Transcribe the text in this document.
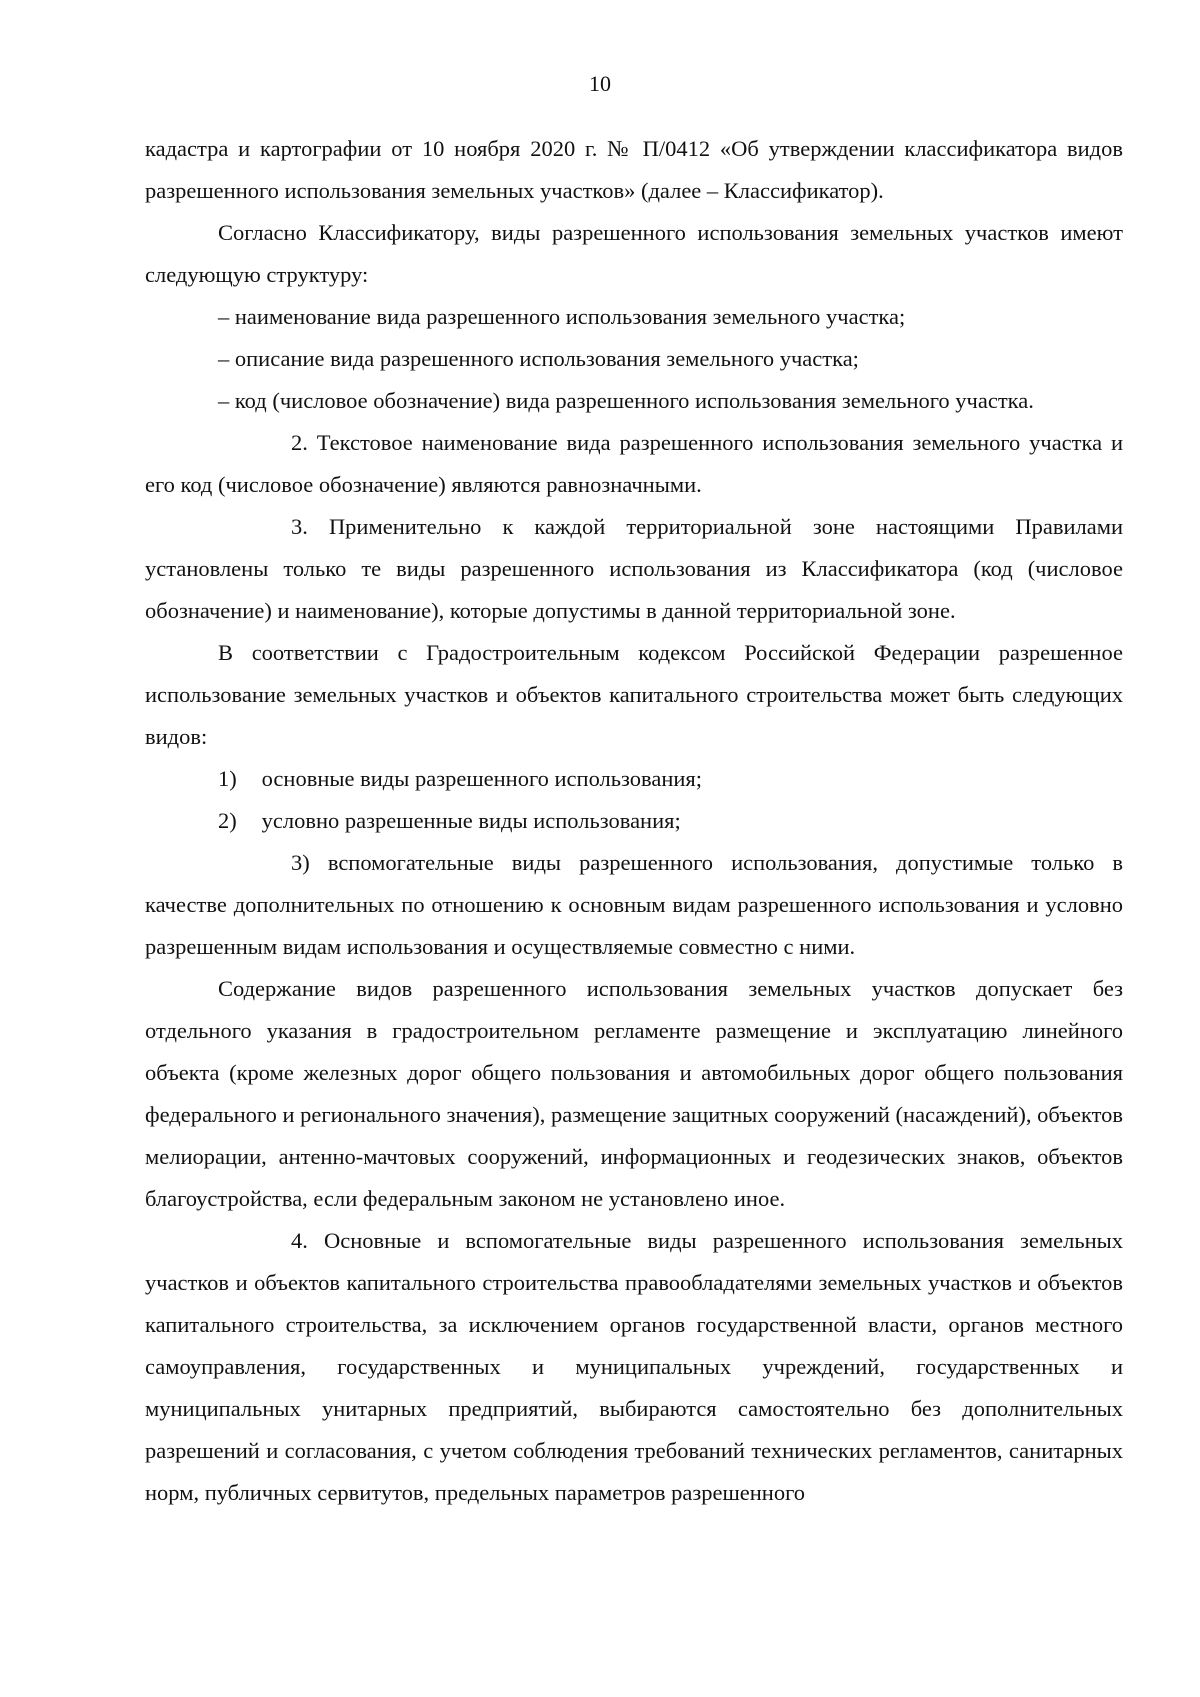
10

кадастра и картографии от 10 ноября 2020 г. № П/0412 «Об утверждении классификатора видов разрешенного использования земельных участков» (далее – Классификатор).

Согласно Классификатору, виды разрешенного использования земельных участков имеют следующую структуру:

– наименование вида разрешенного использования земельного участка;

– описание вида разрешенного использования земельного участка;

– код (числовое обозначение) вида разрешенного использования земельного участка.

2. Текстовое наименование вида разрешенного использования земельного участка и его код (числовое обозначение) являются равнозначными.

3. Применительно к каждой территориальной зоне настоящими Правилами установлены только те виды разрешенного использования из Классификатора (код (числовое обозначение) и наименование), которые допустимы в данной территориальной зоне.

В соответствии с Градостроительным кодексом Российской Федерации разрешенное использование земельных участков и объектов капитального строительства может быть следующих видов:

1) основные виды разрешенного использования;

2) условно разрешенные виды использования;

3) вспомогательные виды разрешенного использования, допустимые только в качестве дополнительных по отношению к основным видам разрешенного использования и условно разрешенным видам использования и осуществляемые совместно с ними.

Содержание видов разрешенного использования земельных участков допускает без отдельного указания в градостроительном регламенте размещение и эксплуатацию линейного объекта (кроме железных дорог общего пользования и автомобильных дорог общего пользования федерального и регионального значения), размещение защитных сооружений (насаждений), объектов мелиорации, антенно-мачтовых сооружений, информационных и геодезических знаков, объектов благоустройства, если федеральным законом не установлено иное.

4. Основные и вспомогательные виды разрешенного использования земельных участков и объектов капитального строительства правообладателями земельных участков и объектов капитального строительства, за исключением органов государственной власти, органов местного самоуправления, государственных и муниципальных учреждений, государственных и муниципальных унитарных предприятий, выбираются самостоятельно без дополнительных разрешений и согласования, с учетом соблюдения требований технических регламентов, санитарных норм, публичных сервитутов, предельных параметров разрешенного
